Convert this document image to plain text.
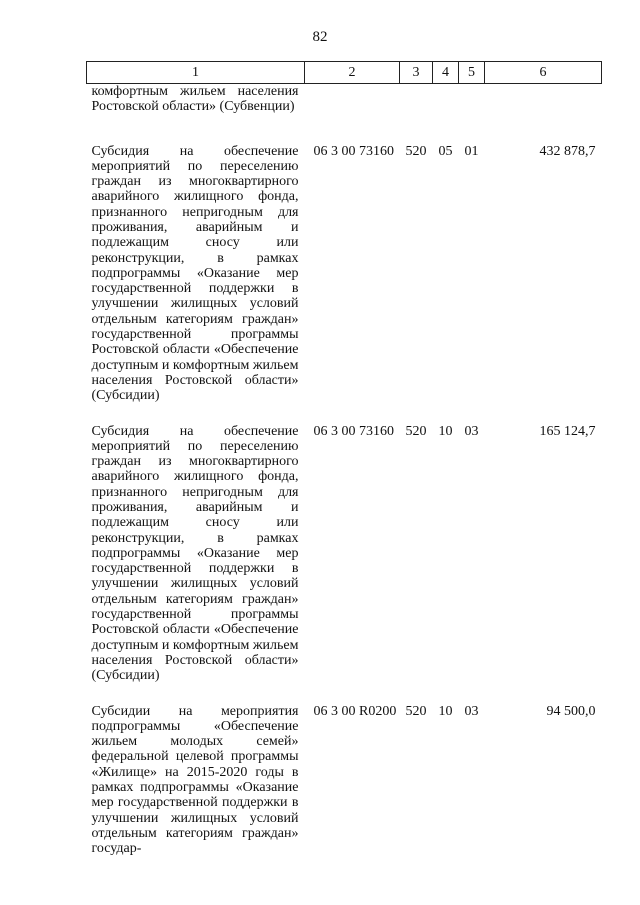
82
1	2	3	4	5	6
комфортным жильем населения Ростовской области» (Субвенции)					
Субсидия на обеспечение мероприятий по переселению граждан из многоквартирного аварийного жилищного фонда, признанного непригодным для проживания, аварийным и подлежащим сносу или реконструкции, в рамках подпрограммы «Оказание мер государственной поддержки в улучшении жилищных условий отдельным категориям граждан» государственной программы Ростовской области «Обеспечение доступным и комфортным жильем населения Ростовской области» (Субсидии)	06 3 00 73160	520	05	01	432 878,7
Субсидия на обеспечение мероприятий по переселению граждан из многоквартирного аварийного жилищного фонда, признанного непригодным для проживания, аварийным и подлежащим сносу или реконструкции, в рамках подпрограммы «Оказание мер государственной поддержки в улучшении жилищных условий отдельным категориям граждан» государственной программы Ростовской области «Обеспечение доступным и комфортным жильем населения Ростовской области» (Субсидии)	06 3 00 73160	520	10	03	165 124,7
Субсидии на мероприятия подпрограммы «Обеспечение жильем молодых семей» федеральной целевой программы «Жилище» на 2015-2020 годы в рамках подпрограммы «Оказание мер государственной поддержки в улучшении жилищных условий отдельным категориям граждан» государ-	06 3 00 R0200	520	10	03	94 500,0
